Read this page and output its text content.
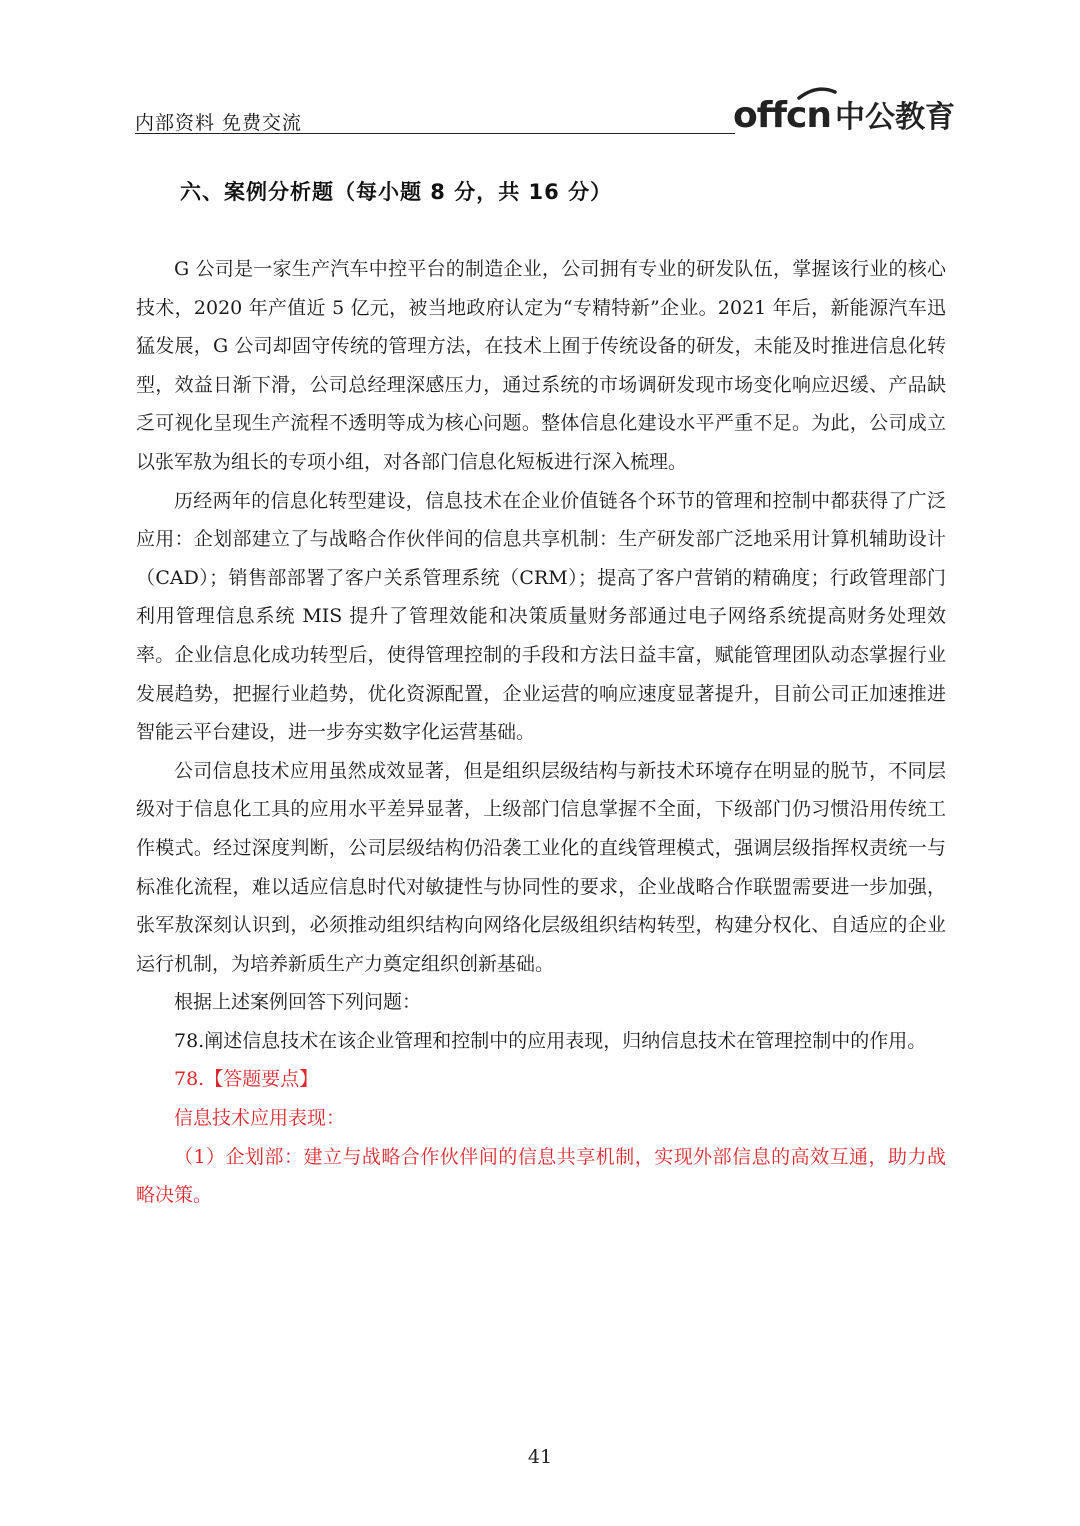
内部资料 免费交流	offcn 中公教育
六、案例分析题（每小题 8 分，共 16 分）

G 公司是一家生产汽车中控平台的制造企业，公司拥有专业的研发队伍，掌握该行业的核心技术，2020 年产值近 5 亿元，被当地政府认定为“专精特新”企业。2021 年后，新能源汽车迅猛发展，G 公司却固守传统的管理方法，在技术上囿于传统设备的研发，未能及时推进信息化转型，效益日渐下滑，公司总经理深感压力，通过系统的市场调研发现市场变化响应迟缓、产品缺乏可视化呈现生产流程不透明等成为核心问题。整体信息化建设水平严重不足。为此，公司成立以张军敖为组长的专项小组，对各部门信息化短板进行深入梳理。

历经两年的信息化转型建设，信息技术在企业价值链各个环节的管理和控制中都获得了广泛应用：企划部建立了与战略合作伙伴间的信息共享机制：生产研发部广泛地采用计算机辅助设计（CAD）；销售部部署了客户关系管理系统（CRM）；提高了客户营销的精确度；行政管理部门利用管理信息系统 MIS 提升了管理效能和决策质量财务部通过电子网络系统提高财务处理效率。企业信息化成功转型后，使得管理控制的手段和方法日益丰富，赋能管理团队动态掌握行业发展趋势，把握行业趋势，优化资源配置，企业运营的响应速度显著提升，目前公司正加速推进智能云平台建设，进一步夯实数字化运营基础。

公司信息技术应用虽然成效显著，但是组织层级结构与新技术环境存在明显的脱节，不同层级对于信息化工具的应用水平差异显著，上级部门信息掌握不全面，下级部门仍习惯沿用传统工作模式。经过深度判断，公司层级结构仍沿袭工业化的直线管理模式，强调层级指挥权责统一与标准化流程，难以适应信息时代对敏捷性与协同性的要求，企业战略合作联盟需要进一步加强，张军敖深刻认识到，必须推动组织结构向网络化层级组织结构转型，构建分权化、自适应的企业运行机制，为培养新质生产力奠定组织创新基础。

根据上述案例回答下列问题：

78.阐述信息技术在该企业管理和控制中的应用表现，归纳信息技术在管理控制中的作用。

78.【答题要点】

信息技术应用表现：

（1）企划部：建立与战略合作伙伴间的信息共享机制，实现外部信息的高效互通，助力战略决策。

41
